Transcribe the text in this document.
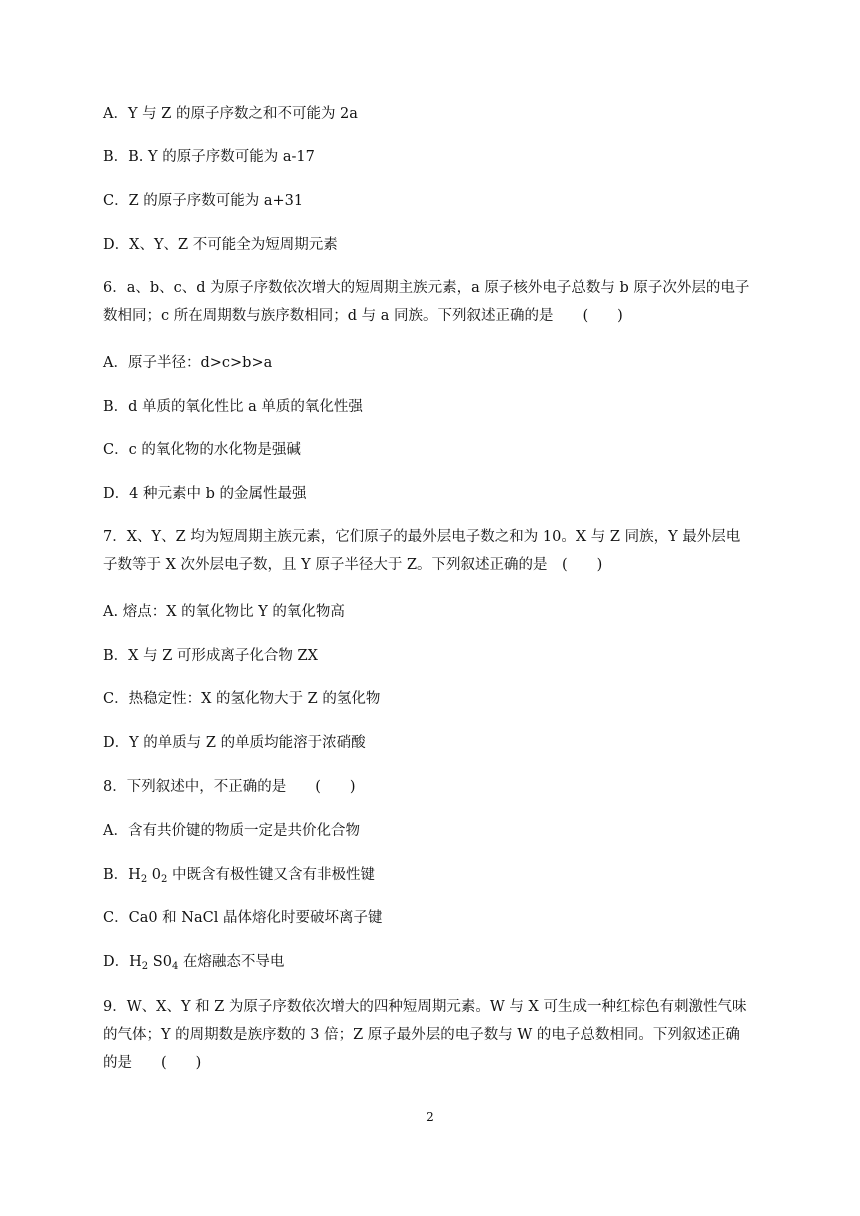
A．Y 与 Z 的原子序数之和不可能为 2a
B．B. Y 的原子序数可能为 a-17
C．Z 的原子序数可能为 a+31
D．X、Y、Z 不可能全为短周期元素
6．a、b、c、d 为原子序数依次增大的短周期主族元素，a 原子核外电子总数与 b 原子次外层的电子
数相同；c 所在周期数与族序数相同；d 与 a 同族。下列叙述正确的是　　(　　)
A．原子半径：d>c>b>a
B．d 单质的氧化性比 a 单质的氧化性强
C．c 的氧化物的水化物是强碱
D．4 种元素中 b 的金属性最强
7．X、Y、Z 均为短周期主族元素，它们原子的最外层电子数之和为 10。X 与 Z 同族，Y 最外层电
子数等于 X 次外层电子数，且 Y 原子半径大于 Z。下列叙述正确的是　(　　)
A. 熔点：X 的氧化物比 Y 的氧化物高
B．X 与 Z 可形成离子化合物 ZX
C．热稳定性：X 的氢化物大于 Z 的氢化物
D．Y 的单质与 Z 的单质均能溶于浓硝酸
8．下列叙述中，不正确的是　　(　　)
A．含有共价键的物质一定是共价化合物
B．$H_2$ $0_2$ 中既含有极性键又含有非极性键
C．Ca0 和 NaCl 晶体熔化时要破坏离子键
D．$H_2$ $S0_4$ 在熔融态不导电
9．W、X、Y 和 Z 为原子序数依次增大的四种短周期元素。W 与 X 可生成一种红棕色有刺激性气味
的气体；Y 的周期数是族序数的 3 倍；Z 原子最外层的电子数与 W 的电子总数相同。下列叙述正确
的是　　(　　)
2
